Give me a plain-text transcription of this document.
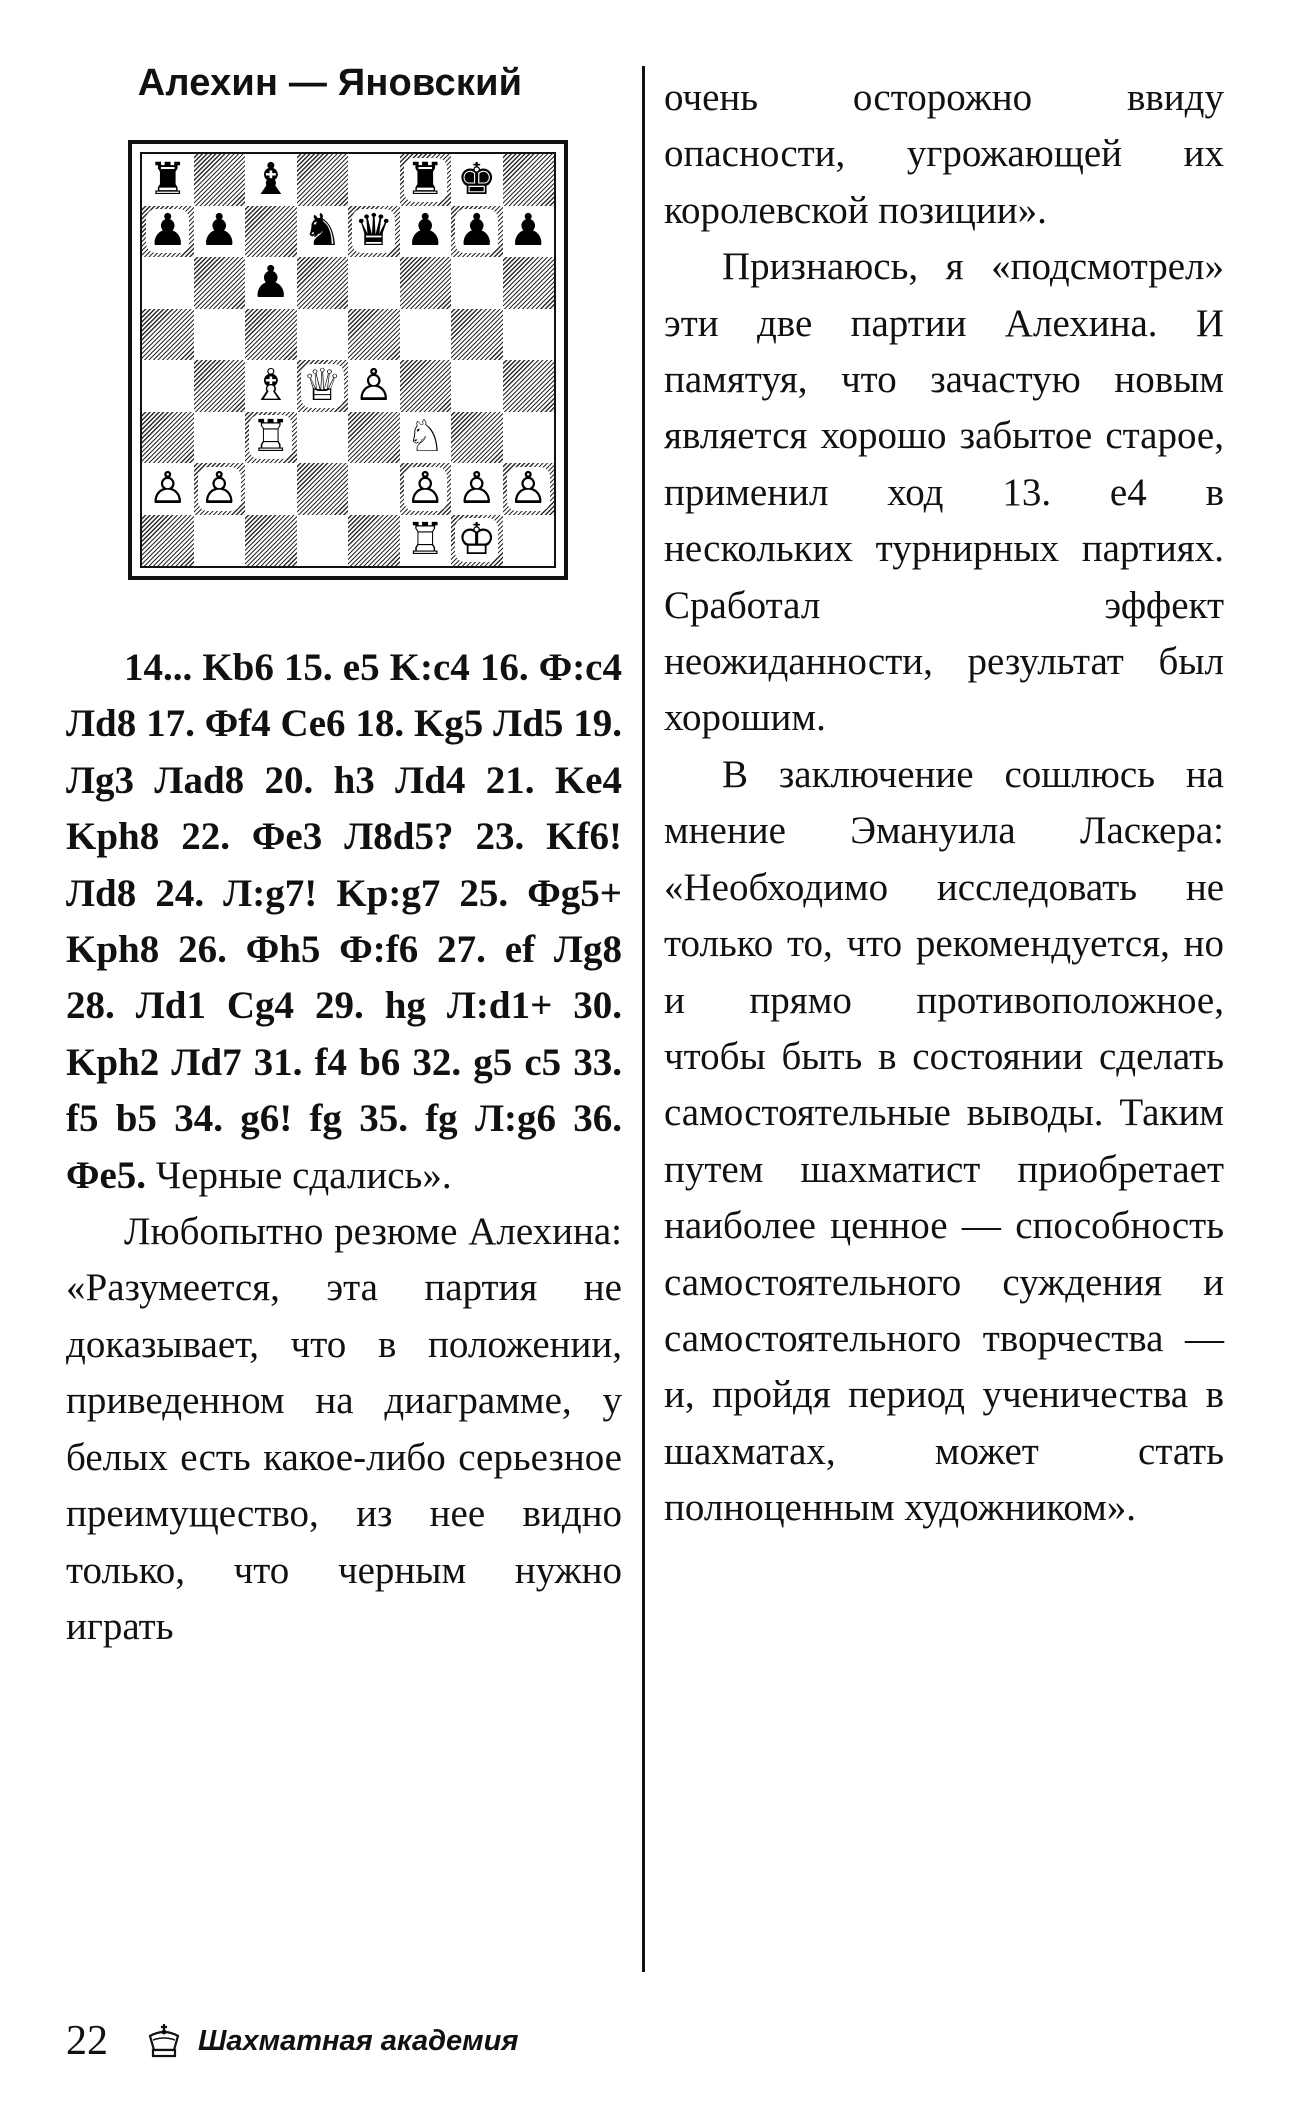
Алехин — Яновский
♜ ♝	♜ ♚
♟ ♟ ♞ ♛ ♟ ♟ ♟
♟
♗ ♕ ♙
♖	♘
♙ ♙	♙ ♙ ♙
♖ ♔

14... Kb6 15. e5 K:c4 16. Ф:c4 Лd8 17. Фf4 Ce6 18. Kg5 Лd5 19. Лg3 Лad8 20. h3 Лd4 21. Ke4 Kph8 22. Фe3 Л8d5? 23. Kf6! Лd8 24. Л:g7! Kp:g7 25. Фg5+ Kph8 26. Фh5 Ф:f6 27. ef Лg8 28. Лd1 Cg4 29. hg Л:d1+ 30. Kph2 Лd7 31. f4 b6 32. g5 c5 33. f5 b5 34. g6! fg 35. fg Л:g6 36. Фe5. Черные сдались».

Любопытно резюме Алехина: «Разумеется, эта партия не доказывает, что в положении, приведенном на диаграмме, у белых есть какое-либо серьезное преимущество, из нее видно только, что черным нужно играть

очень осторожно ввиду опасности, угрожающей их королевской позиции».

Признаюсь, я «подсмотрел» эти две партии Алехина. И памятуя, что зачастую новым является хорошо забытое старое, применил ход 13. e4 в нескольких турнирных партиях. Сработал эффект неожиданности, результат был хорошим.

В заключение сошлюсь на мнение Эмануила Ласкера: «Необходимо исследовать не только то, что рекомендуется, но и прямо противоположное, чтобы быть в состоянии сделать самостоятельные выводы. Таким путем шахматист приобретает наиболее ценное — способность самостоятельного суждения и самостоятельного творчества — и, пройдя период ученичества в шахматах, может стать полноценным художником».

22	Шахматная академия
